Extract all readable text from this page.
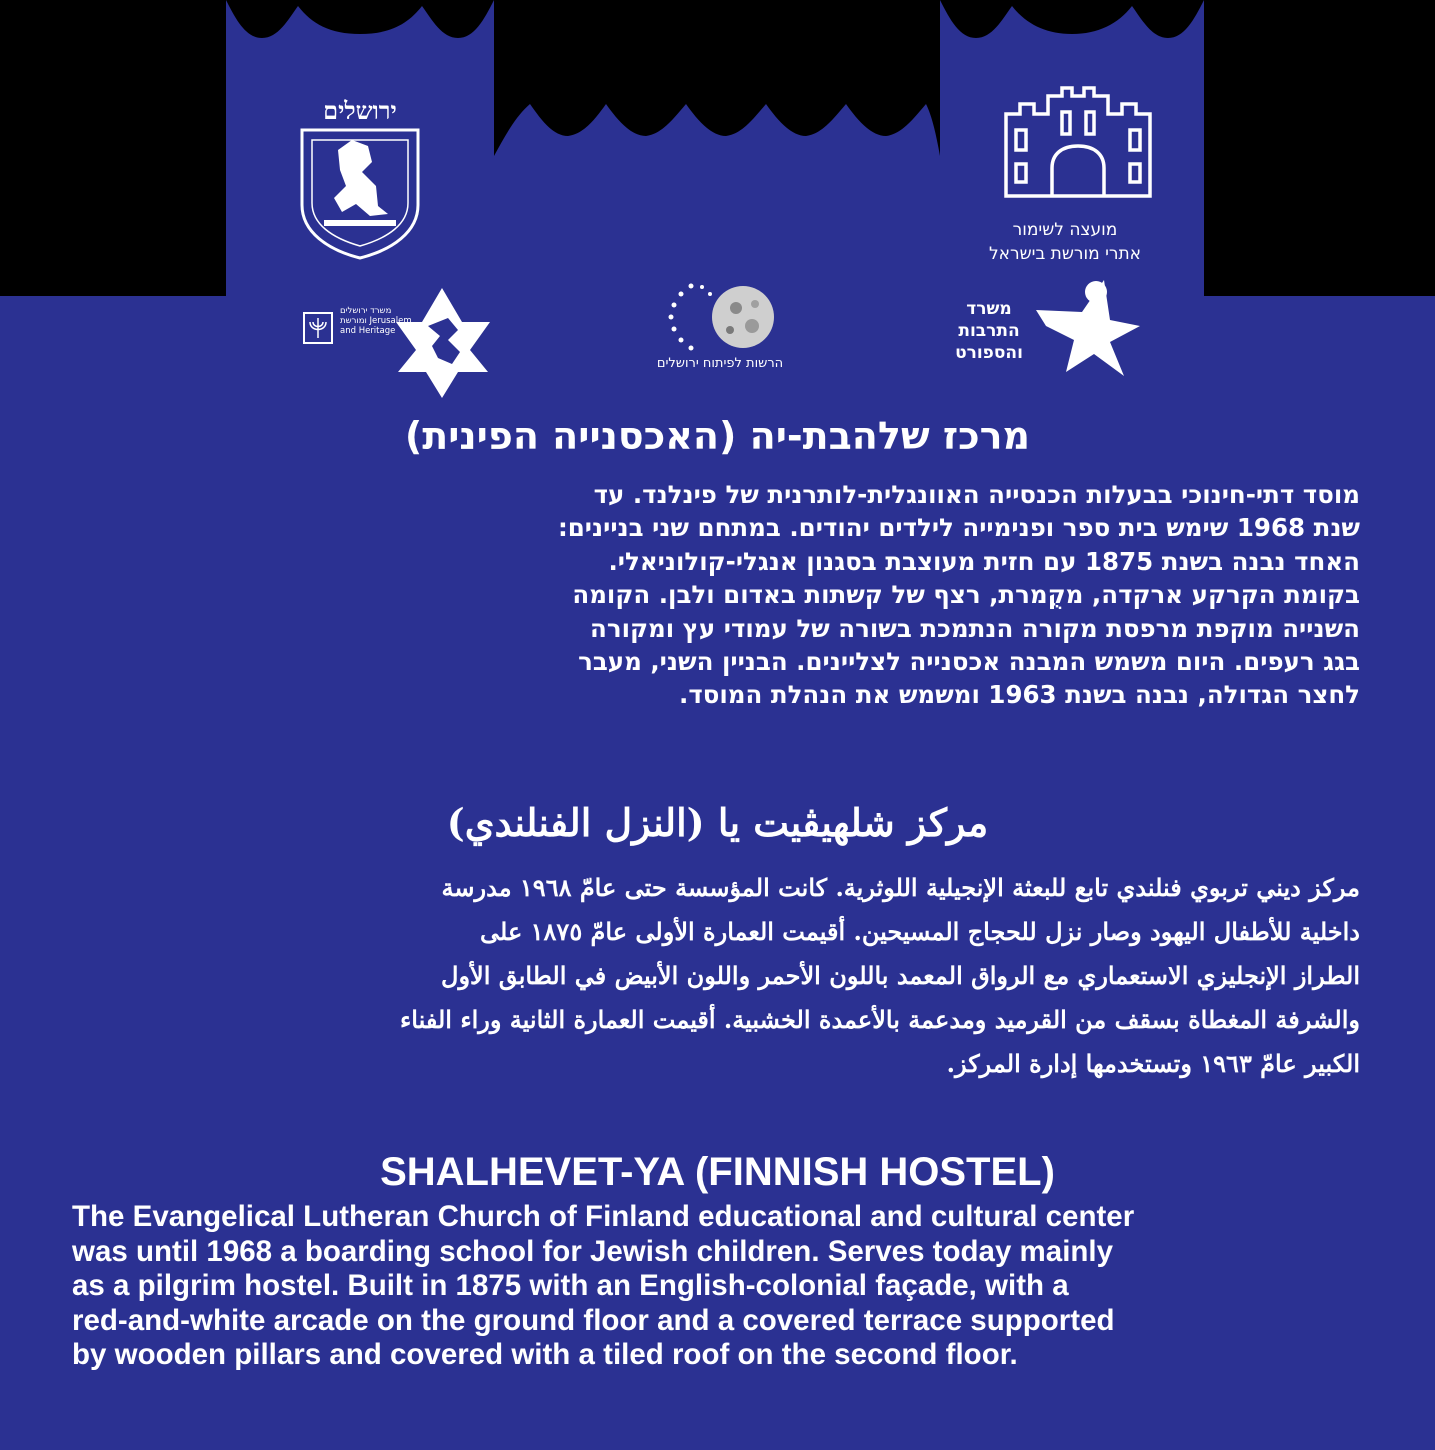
ירושלים
מועצה לשימור
אתרי מורשת בישראל
משרד ירושלים
ומורשת Jerusalem
and Heritage
הרשות לפיתוח ירושלים
משרד
התרבות
והספורט
מרכז שלהבת-יה (האכסנייה הפינית)
מוסד דתי-חינוכי בבעלות הכנסייה האוונגלית-לותרנית של פינלנד. עד
שנת 1968 שימש בית ספר ופנימייה לילדים יהודים. במתחם שני בניינים:
האחד נבנה בשנת 1875 עם חזית מעוצבת בסגנון אנגלי-קולוניאלי.
בקומת הקרקע ארקדה, מקֻמרת, רצף של קשתות באדום ולבן. הקומה
השנייה מוקפת מרפסת מקורה הנתמכת בשורה של עמודי עץ ומקורה
בגג רעפים. היום משמש המבנה אכסנייה לצליינים. הבניין השני, מעבר
לחצר הגדולה, נבנה בשנת 1963 ומשמש את הנהלת המוסד.
مركز شلهيڤيت يا (النزل الفنلندي)
مركز ديني تربوي فنلندي تابع للبعثة الإنجيلية اللوثرية. كانت المؤسسة حتى عامّ ١٩٦٨ مدرسة
داخلية للأطفال اليهود وصار نزل للحجاج المسيحين. أقيمت العمارة الأولى عامّ ١٨٧٥ على
الطراز الإنجليزي الاستعماري مع الرواق المعمد باللون الأحمر واللون الأبيض في الطابق الأول
والشرفة المغطاة بسقف من القرميد ومدعمة بالأعمدة الخشبية. أقيمت العمارة الثانية وراء الفناء
الكبير عامّ ١٩٦٣ وتستخدمها إدارة المركز.
SHALHEVET-YA (FINNISH HOSTEL)
The Evangelical Lutheran Church of Finland educational and cultural center
was until 1968 a boarding school for Jewish children. Serves today mainly
as a pilgrim hostel. Built in 1875 with an English-colonial façade, with a
red-and-white arcade on the ground floor and a covered terrace supported
by wooden pillars and covered with a tiled roof on the second floor.
